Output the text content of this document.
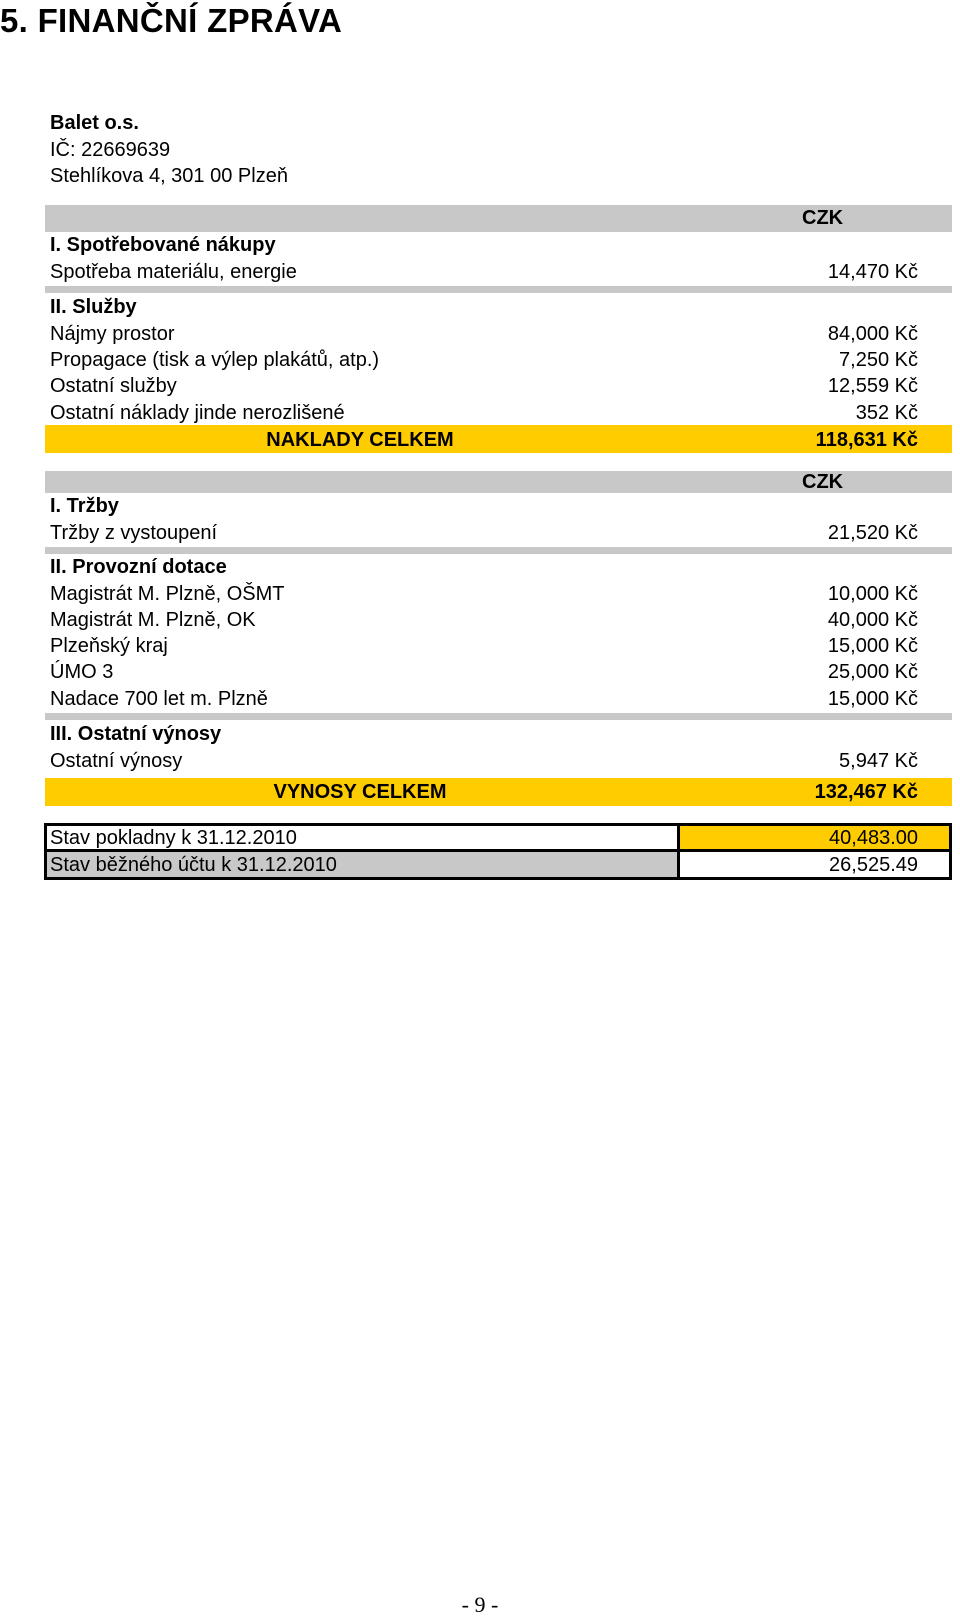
5. FINANČNÍ ZPRÁVA
Balet o.s.
IČ: 22669639
Stehlíkova 4, 301 00 Plzeň
CZK
I. Spotřebované nákupy
Spotřeba materiálu, energie	14,470 Kč
II. Služby
Nájmy prostor	84,000 Kč
Propagace (tisk a výlep plakátů, atp.)	7,250 Kč
Ostatní služby	12,559 Kč
Ostatní náklady jinde nerozlišené	352 Kč
NAKLADY CELKEM	118,631 Kč
CZK
I. Tržby
Tržby z vystoupení	21,520 Kč
II. Provozní dotace
Magistrát M. Plzně, OŠMT	10,000 Kč
Magistrát M. Plzně, OK	40,000 Kč
Plzeňský kraj	15,000 Kč
ÚMO 3	25,000 Kč
Nadace 700 let m. Plzně	15,000 Kč
III. Ostatní výnosy
Ostatní výnosy	5,947 Kč
VYNOSY CELKEM	132,467 Kč
Stav pokladny k 31.12.2010	40,483.00
Stav běžného účtu k 31.12.2010	26,525.49
- 9 -
